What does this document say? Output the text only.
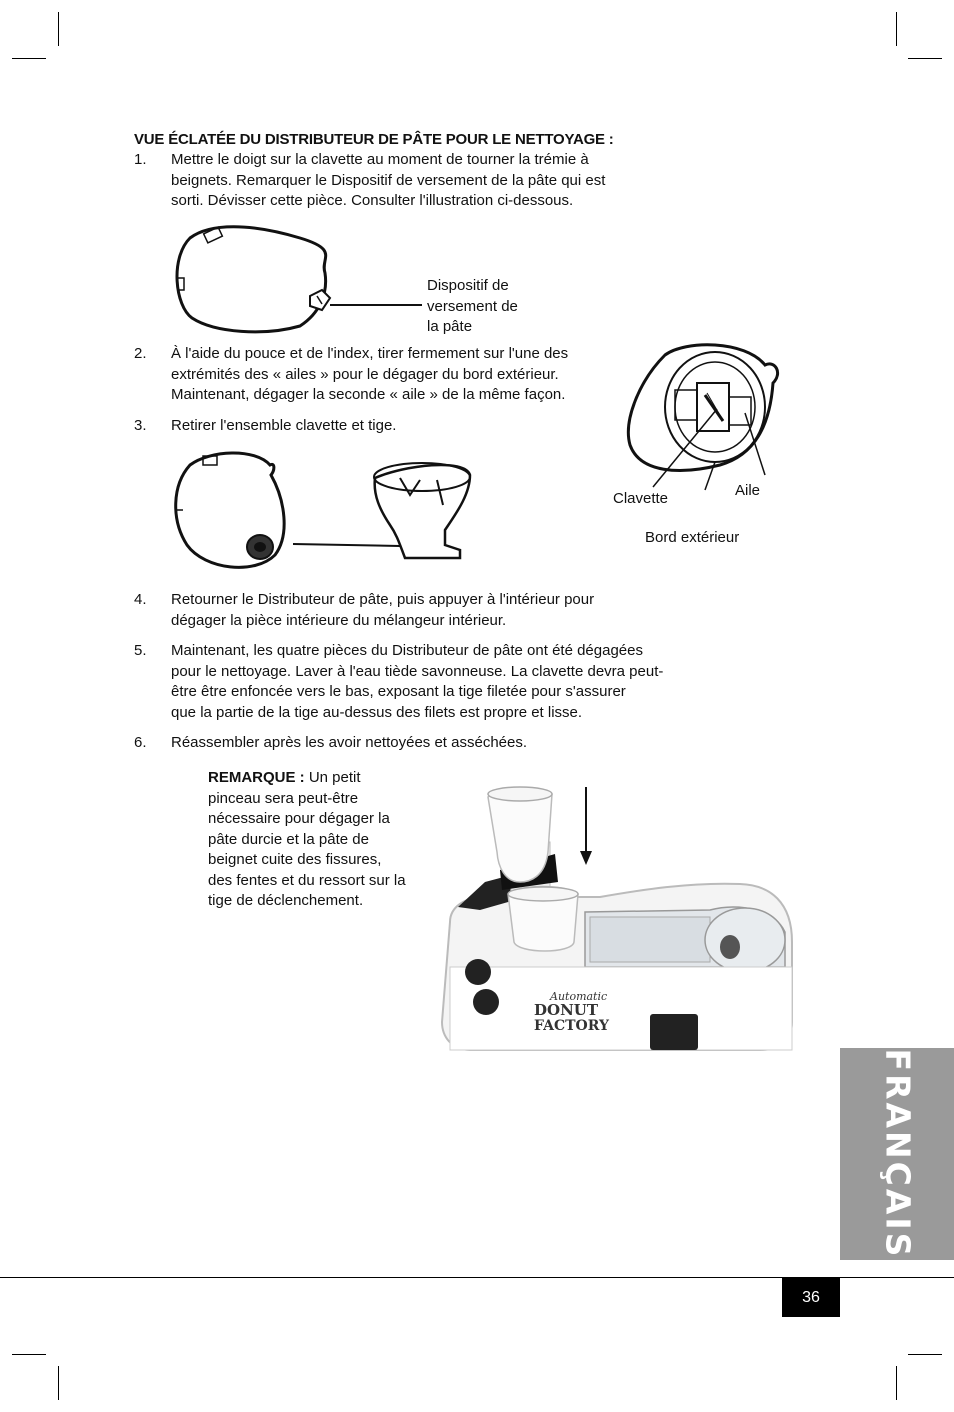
VUE ÉCLATÉE DU DISTRIBUTEUR DE PÂTE POUR LE NETTOYAGE :
1. Mettre le doigt sur la clavette au moment de tourner la trémie à
beignets. Remarquer le Dispositif de versement de la pâte qui est
sorti. Dévisser cette pièce. Consulter l'illustration ci-dessous.
Dispositif de
versement de
la pâte
2. À l'aide du pouce et de l'index, tirer fermement sur l'une des
extrémités des « ailes » pour le dégager du bord extérieur.
Maintenant, dégager la seconde « aile » de la même façon.
3. Retirer l'ensemble clavette et tige.
Clavette	Aile
Bord extérieur
4. Retourner le Distributeur de pâte, puis appuyer à l'intérieur pour
dégager la pièce intérieure du mélangeur intérieur.
5. Maintenant, les quatre pièces du Distributeur de pâte ont été dégagées
pour le nettoyage. Laver à l'eau tiède savonneuse. La clavette devra peut-
être être enfoncée vers le bas, exposant la tige filetée pour s'assurer
que la partie de la tige au-dessus des filets est propre et lisse.
6. Réassembler après les avoir nettoyées et asséchées.
REMARQUE : Un petit pinceau sera peut-être nécessaire pour dégager la pâte durcie et la pâte de beignet cuite des fissures, des fentes et du ressort sur la tige de déclenchement.
Automatic
DONUT
FACTORY
FRANÇAIS
36
